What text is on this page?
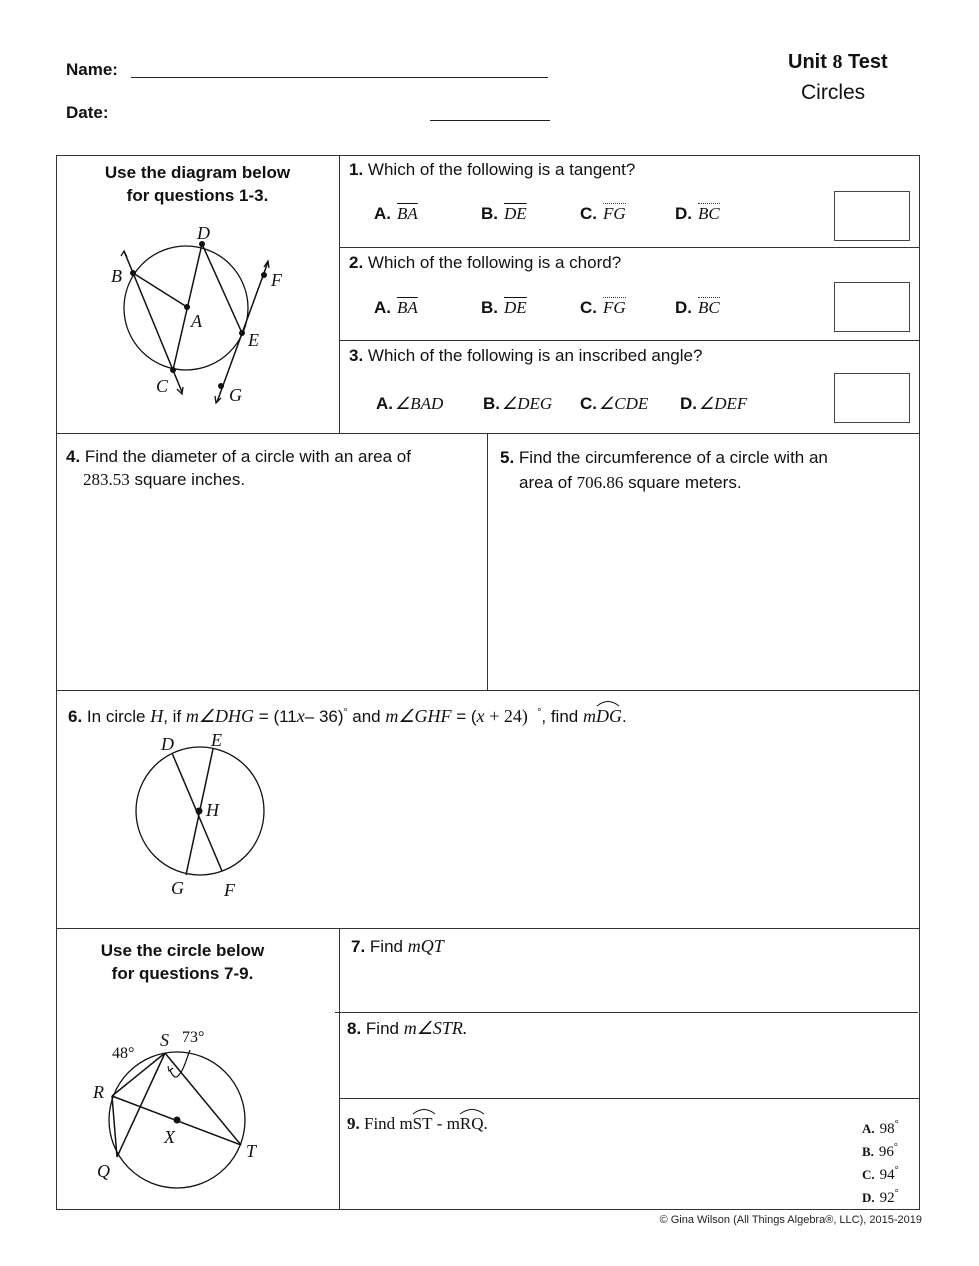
Name:
Date:
Unit 8 Test
Circles
Use the diagram below
for questions 1-3.
D
B	F
A
E
C	G
1. Which of the following is a tangent?
A. $\overline{BA}$	B. $\overline{DE}$	C. FG	D. BC
2. Which of the following is a chord?
A. $\overline{BA}$	B. $\overline{DE}$	C. FG	D. BC
3. Which of the following is an inscribed angle?
A. ∠BAD B. ∠DEG C. ∠CDE D. ∠DEF
4. Find the diameter of a circle with an area of
283.53 square inches.
5. Find the circumference of a circle with an
area of 706.86 square meters.
6. In circle H, if m∠DHG = (11x– 36)° and m∠GHF = (x + 24) °, find m
DG.
D E
H
G F
Use the circle below
for questions 7-9.
S 73°
48°
R
X
T
Q
7. Find mQT
8. Find m∠STR.
9. Find m
ST - m
RQ.	A. 98°
B. 96°
C. 94°
D. 92°
© Gina Wilson (All Things Algebra®, LLC), 2015-2019
